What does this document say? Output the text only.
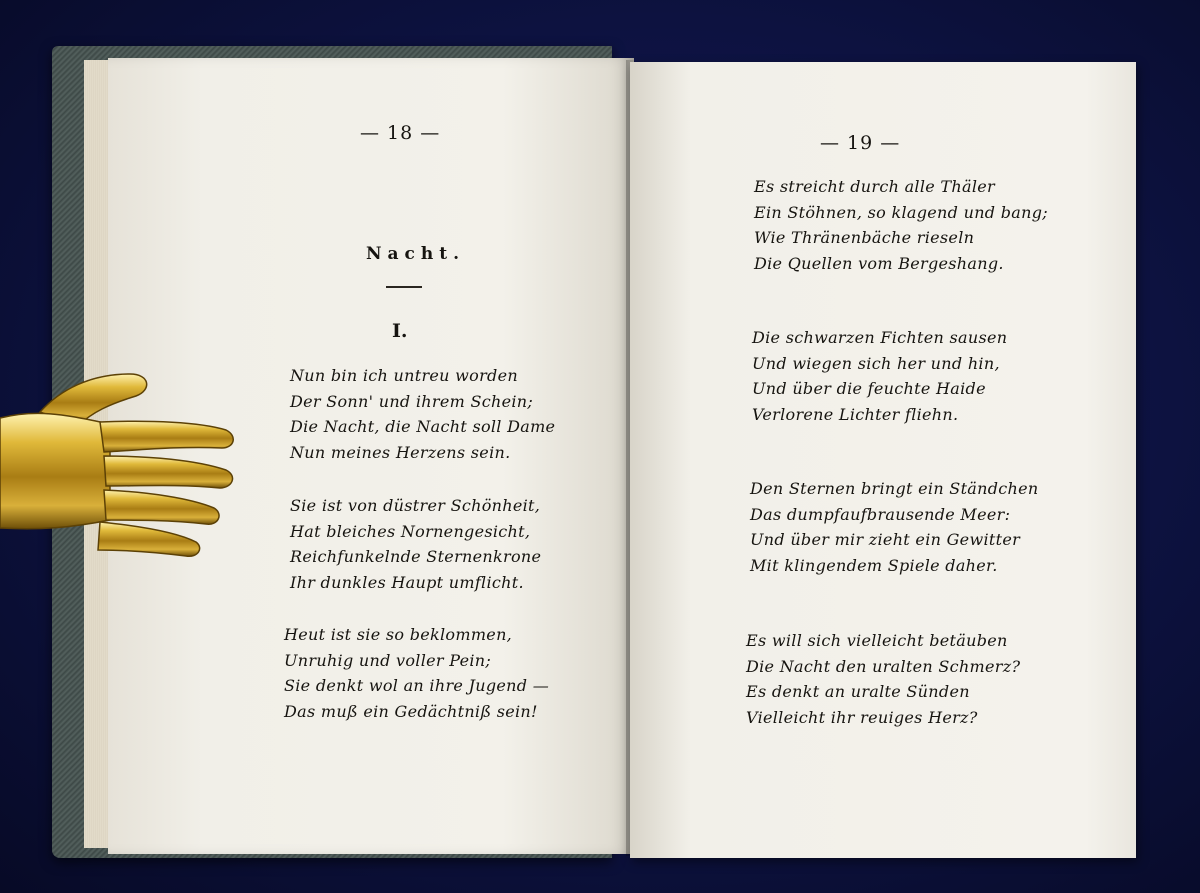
— 18 —
Nacht.
I.
Nun bin ich untreu worden
Der Sonn' und ihrem Schein;
Die Nacht, die Nacht soll Dame
Nun meines Herzens sein.
Sie ist von düstrer Schönheit,
Hat bleiches Nornengesicht,
Reichfunkelnde Sternenkrone
Ihr dunkles Haupt umflicht.
Heut ist sie so beklommen,
Unruhig und voller Pein;
Sie denkt wol an ihre Jugend —
Das muß ein Gedächtniß sein!
— 19 —
Es streicht durch alle Thäler
Ein Stöhnen, so klagend und bang;
Wie Thränenbäche rieseln
Die Quellen vom Bergeshang.
Die schwarzen Fichten sausen
Und wiegen sich her und hin,
Und über die feuchte Haide
Verlorene Lichter fliehn.
Den Sternen bringt ein Ständchen
Das dumpfaufbrausende Meer:
Und über mir zieht ein Gewitter
Mit klingendem Spiele daher.
Es will sich vielleicht betäuben
Die Nacht den uralten Schmerz?
Es denkt an uralte Sünden
Vielleicht ihr reuiges Herz?
